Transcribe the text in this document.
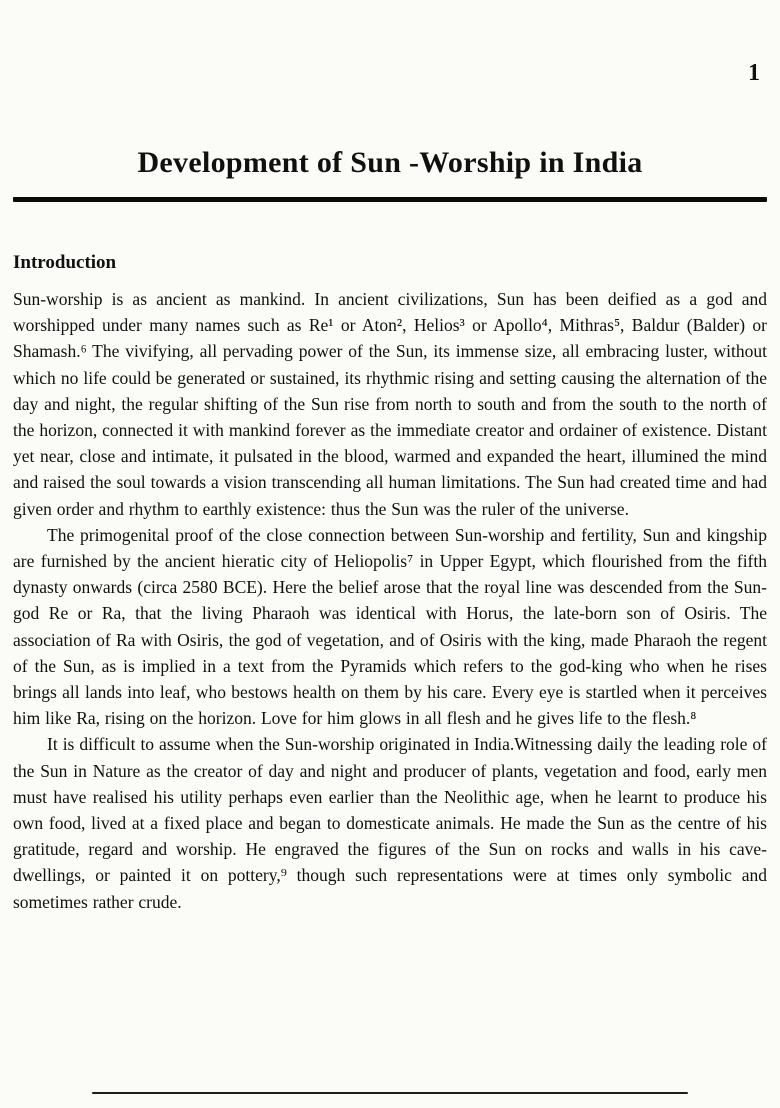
1
Development of Sun -Worship in India
Introduction

Sun-worship is as ancient as mankind. In ancient civilizations, Sun has been deified as a god and worshipped under many names such as Re¹ or Aton², Helios³ or Apollo⁴, Mithras⁵, Baldur (Balder) or Shamash.⁶ The vivifying, all pervading power of the Sun, its immense size, all embracing luster, without which no life could be generated or sustained, its rhythmic rising and setting causing the alternation of the day and night, the regular shifting of the Sun rise from north to south and from the south to the north of the horizon, connected it with mankind forever as the immediate creator and ordainer of existence. Distant yet near, close and intimate, it pulsated in the blood, warmed and expanded the heart, illumined the mind and raised the soul towards a vision transcending all human limitations. The Sun had created time and had given order and rhythm to earthly existence: thus the Sun was the ruler of the universe.

The primogenital proof of the close connection between Sun-worship and fertility, Sun and kingship are furnished by the ancient hieratic city of Heliopolis⁷ in Upper Egypt, which flourished from the fifth dynasty onwards (circa 2580 BCE). Here the belief arose that the royal line was descended from the Sun-god Re or Ra, that the living Pharaoh was identical with Horus, the late-born son of Osiris. The association of Ra with Osiris, the god of vegetation, and of Osiris with the king, made Pharaoh the regent of the Sun, as is implied in a text from the Pyramids which refers to the god-king who when he rises brings all lands into leaf, who bestows health on them by his care. Every eye is startled when it perceives him like Ra, rising on the horizon. Love for him glows in all flesh and he gives life to the flesh.⁸

It is difficult to assume when the Sun-worship originated in India.Witnessing daily the leading role of the Sun in Nature as the creator of day and night and producer of plants, vegetation and food, early men must have realised his utility perhaps even earlier than the Neolithic age, when he learnt to produce his own food, lived at a fixed place and began to domesticate animals. He made the Sun as the centre of his gratitude, regard and worship. He engraved the figures of the Sun on rocks and walls in his cave-dwellings, or painted it on pottery,⁹ though such representations were at times only symbolic and sometimes rather crude.
